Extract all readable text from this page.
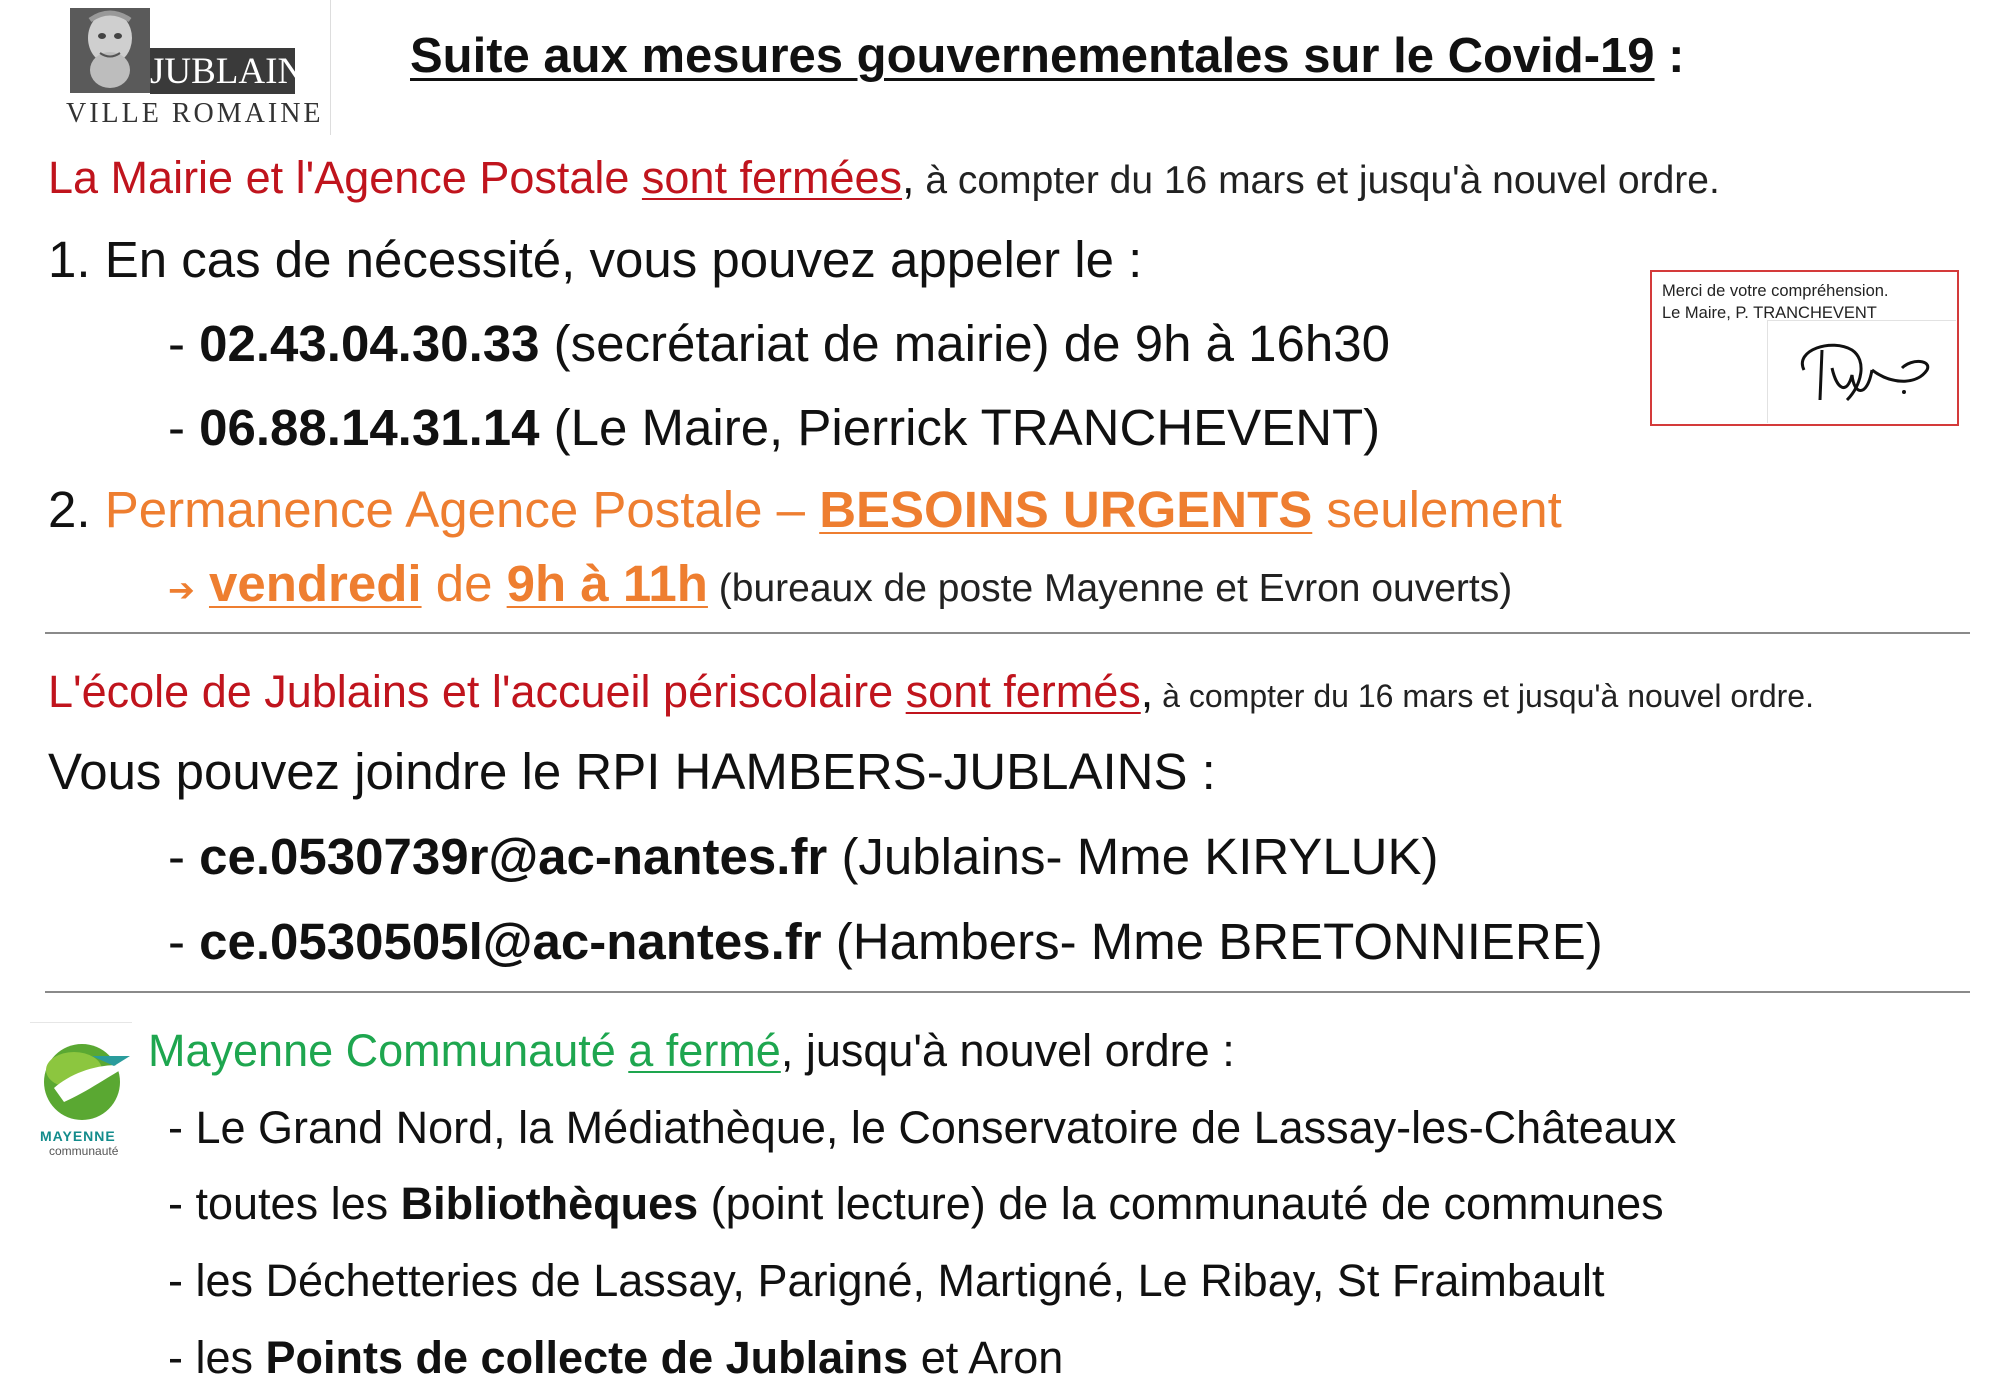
JUBLAINS
VILLE ROMAINE
Suite aux mesures gouvernementales sur le Covid-19 :
La Mairie et l'Agence Postale sont fermées, à compter du 16 mars et jusqu'à nouvel ordre.
1. En cas de nécessité, vous pouvez appeler le :
- 02.43.04.30.33 (secrétariat de mairie) de 9h à 16h30
- 06.88.14.31.14 (Le Maire, Pierrick TRANCHEVENT)
Merci de votre compréhension.
Le Maire, P. TRANCHEVENT
2. Permanence Agence Postale – BESOINS URGENTS seulement
➔ vendredi de 9h à 11h (bureaux de poste Mayenne et Evron ouverts)
L'école de Jublains et l'accueil périscolaire sont fermés, à compter du 16 mars et jusqu'à nouvel ordre.
Vous pouvez joindre le RPI HAMBERS-JUBLAINS :
- ce.0530739r@ac-nantes.fr (Jublains- Mme KIRYLUK)
- ce.0530505l@ac-nantes.fr (Hambers- Mme BRETONNIERE)
MAYENNE
communauté
Mayenne Communauté a fermé, jusqu'à nouvel ordre :
- Le Grand Nord, la Médiathèque, le Conservatoire de Lassay-les-Châteaux
- toutes les Bibliothèques (point lecture) de la communauté de communes
- les Déchetteries de Lassay, Parigné, Martigné, Le Ribay, St Fraimbault
- les Points de collecte de Jublains et Aron
